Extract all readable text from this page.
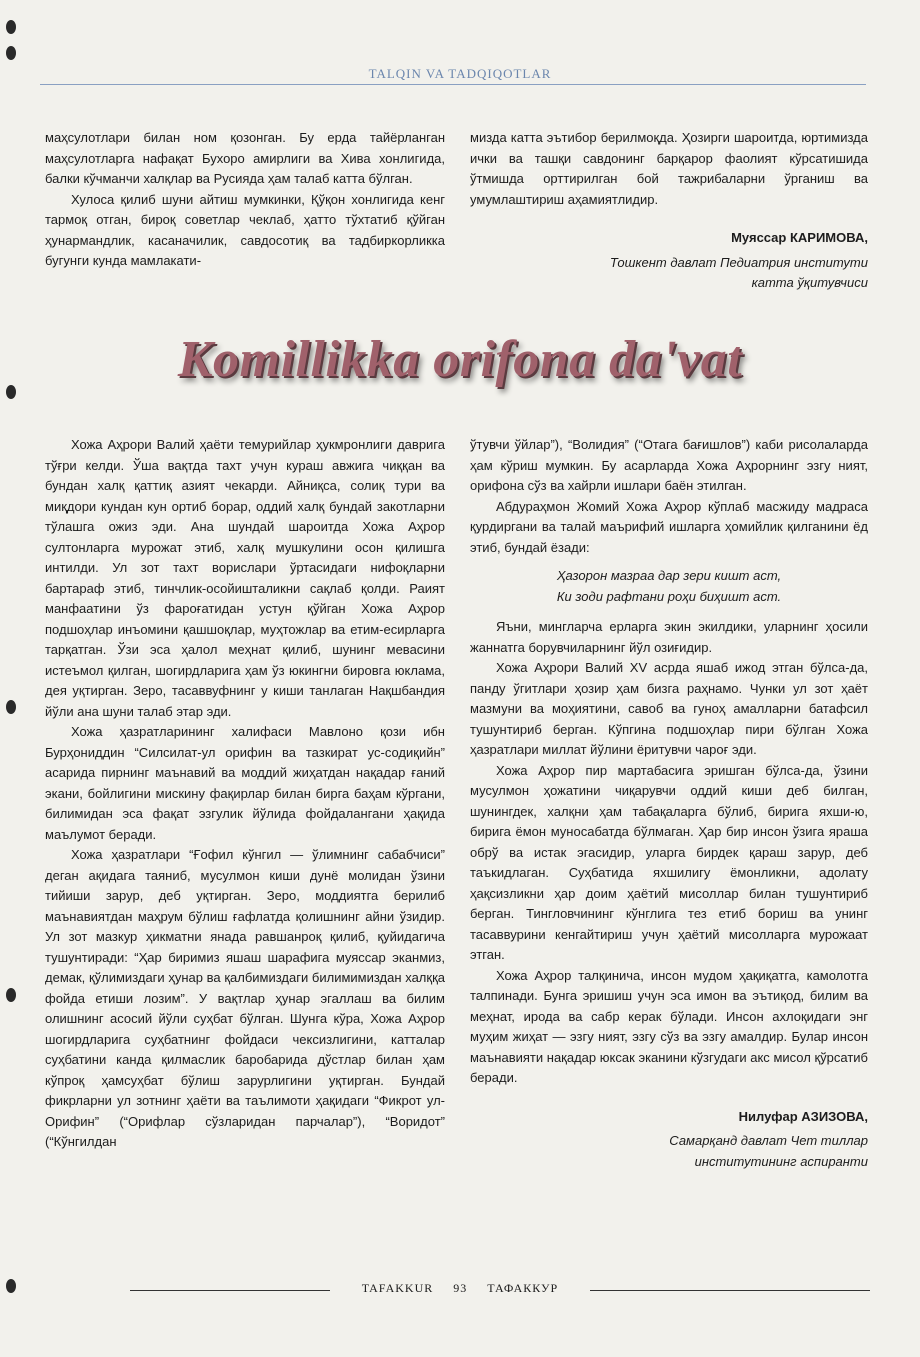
TALQIN VA TADQIQOTLAR

маҳсулотлари билан ном қозонган. Бу ерда тайёрланган маҳсулотларга нафақат Бухоро амирлиги ва Хива хонлигида, балки кўчманчи халқлар ва Русияда ҳам талаб катта бўлган.

Хулоса қилиб шуни айтиш мумкинки, Қўқон хонлигида кенг тармоқ отган, бироқ советлар чеклаб, ҳатто тўхтатиб қўйган ҳунармандлик, касаначилик, савдосотиқ ва тадбиркорликка бугунги кунда мамлакати-

мизда катта эътибор берилмоқда. Ҳозирги шароитда, юртимизда ички ва ташқи савдонинг барқарор фаолият кўрсатишида ўтмишда орттирилган бой тажрибаларни ўрганиш ва умумлаштириш аҳамиятлидир.

Муяссар КАРИМОВА,

Тошкент давлат Педиатрия институти

катта ўқитувчиси

Komillikka orifona da'vat

Хожа Аҳрори Валий ҳаёти темурийлар ҳукмронлиги даврига тўғри келди. Ўша вақтда тахт учун кураш авжига чиққан ва бундан халқ қаттиқ азият чекарди. Айниқса, солиқ тури ва миқдори кундан кун ортиб борар, оддий халқ бундай закотларни тўлашга ожиз эди. Ана шундай шароитда Хожа Аҳрор султонларга мурожат этиб, халқ мушкулини осон қилишга интилди. Ул зот тахт ворислари ўртасидаги нифоқларни бартараф этиб, тинчлик-осойишталикни сақлаб қолди. Раият манфаатини ўз фароғатидан устун қўйган Хожа Аҳрор подшоҳлар инъомини қашшоқлар, муҳтожлар ва етим-есирларга тарқатган. Ўзи эса ҳалол меҳнат қилиб, шунинг мевасини истеъмол қилган, шогирдларига ҳам ўз юкингни бировга юклама, дея уқтирган. Зеро, тасаввуфнинг у киши танлаган Нақшбандия йўли ана шуни талаб этар эди.

Хожа ҳазратларининг халифаси Мавлоно қози ибн Бурҳониддин “Силсилат-ул орифин ва тазкират ус-содиқийн” асарида пирнинг маънавий ва моддий жиҳатдан нақадар ғаний экани, бойлигини мискину фақирлар билан бирга баҳам кўргани, билимидан эса фақат эзгулик йўлида фойдалангани ҳақида маълумот беради.

Хожа ҳазратлари “Ғофил кўнгил — ўлимнинг сабабчиси” деган ақидага таяниб, мусулмон киши дунё молидан ўзини тийиши зарур, деб уқтирган. Зеро, моддиятга берилиб маънавиятдан маҳрум бўлиш ғафлатда қолишнинг айни ўзидир. Ул зот мазкур ҳикматни янада равшанроқ қилиб, қуйидагича тушунтиради: “Ҳар биримиз яшаш шарафига муяссар эканмиз, демак, қўлимиздаги ҳунар ва қалбимиздаги билимимиздан халққа фойда етиши лозим”. У вақтлар ҳунар эгаллаш ва билим олишнинг асосий йўли суҳбат бўлган. Шунга кўра, Хожа Аҳрор шогирдларига суҳбатнинг фойдаси чексизлигини, катталар суҳбатини канда қилмаслик баробарида дўстлар билан ҳам кўпроқ ҳамсуҳбат бўлиш зарурлигини уқтирган. Бундай фикрларни ул зотнинг ҳаёти ва таълимоти ҳақидаги “Фикрот ул-Орифин” (“Орифлар сўзларидан парчалар”), “Воридот” (“Кўнгилдан

ўтувчи ўйлар”), “Волидия” (“Отага бағишлов”) каби рисолаларда ҳам кўриш мумкин. Бу асарларда Хожа Аҳрорнинг эзгу ният, орифона сўз ва хайрли ишлари баён этилган.

Абдураҳмон Жомий Хожа Аҳрор кўплаб масжиду мадраса қурдиргани ва талай маърифий ишларга ҳомийлик қилганини ёд этиб, бундай ёзади:

Ҳазорон мазраа дар зери кишт аст,

Ки зоди рафтани роҳи биҳишт аст.

Яъни, мингларча ерларга экин экилдики, уларнинг ҳосили жаннатга борувчиларнинг йўл озиғидир.

Хожа Аҳрори Валий XV асрда яшаб ижод этган бўлса-да, панду ўгитлари ҳозир ҳам бизга раҳнамо. Чунки ул зот ҳаёт мазмуни ва моҳиятини, савоб ва гуноҳ амалларни батафсил тушунтириб берган. Кўпгина подшоҳлар пири бўлган Хожа ҳазратлари миллат йўлини ёритувчи чароғ эди.

Хожа Аҳрор пир мартабасига эришган бўлса-да, ўзини мусулмон ҳожатини чиқарувчи оддий киши деб билган, шунингдек, халқни ҳам табақаларга бўлиб, бирига яхши-ю, бирига ёмон муносабатда бўлмаган. Ҳар бир инсон ўзига яраша обрў ва истак эгасидир, уларга бирдек қараш зарур, деб таъкидлаган. Суҳбатида яхшилигу ёмонликни, адолату ҳақсизликни ҳар доим ҳаётий мисоллар билан тушунтириб берган. Тингловчининг кўнглига тез етиб бориш ва унинг тасаввурини кенгайтириш учун ҳаётий мисолларга мурожаат этган.

Хожа Аҳрор талқинича, инсон мудом ҳақиқатга, камолотга талпинади. Бунга эришиш учун эса имон ва эътиқод, билим ва меҳнат, ирода ва сабр керак бўлади. Инсон ахлоқидаги энг муҳим жиҳат — эзгу ният, эзгу сўз ва эзгу амалдир. Булар инсон маънавияти нақадар юксак эканини кўзгудаги акс мисол қўрсатиб беради.

Нилуфар АЗИЗОВА,

Самарқанд давлат Чет тиллар

институтининг аспиранти

TAFAKKUR 93 ТАФАККУР
